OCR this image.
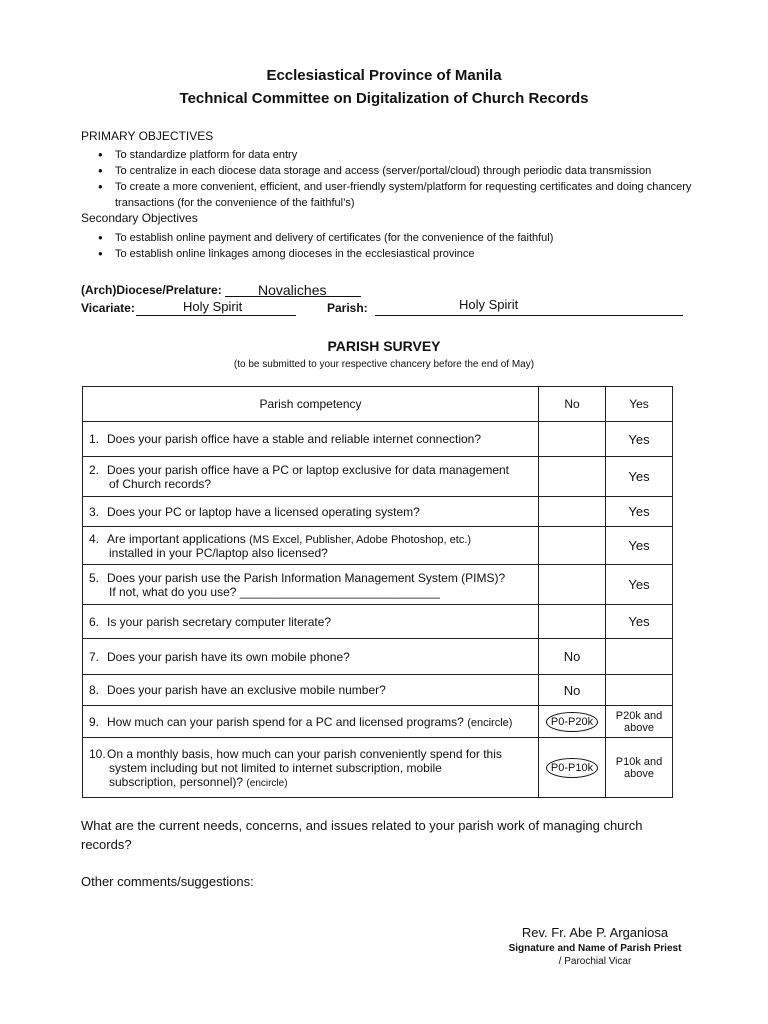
Ecclesiastical Province of Manila
Technical Committee on Digitalization of Church Records
PRIMARY OBJECTIVES
● To standardize platform for data entry
● To centralize in each diocese data storage and access (server/portal/cloud) through periodic data transmission
● To create a more convenient, efficient, and user-friendly system/platform for requesting certificates and doing chancery transactions (for the convenience of the faithful’s)
Secondary Objectives
● To establish online payment and delivery of certificates (for the convenience of the faithful)
● To establish online linkages among dioceses in the ecclesiastical province
(Arch)Diocese/Prelature:	Novaliches
Vicariate:	Holy Spirit	Parish:	Holy Spirit
PARISH SURVEY
(to be submitted to your respective chancery before the end of May)
Parish competency	No	Yes
1. Does your parish office have a stable and reliable internet connection?		Yes
2. Does your parish office have a PC or laptop exclusive for data management
of Church records?		Yes
3. Does your PC or laptop have a licensed operating system?		Yes
4. Are important applications (MS Excel, Publisher, Adobe Photoshop, etc.)
installed in your PC/laptop also licensed?		Yes
5. Does your parish use the Parish Information Management System (PIMS)?
If not, what do you use? ______________________________		Yes
6. Is your parish secretary computer literate?		Yes
7. Does your parish have its own mobile phone?	No	
8. Does your parish have an exclusive mobile number?	No	
9. How much can your parish spend for a PC and licensed programs? (encircle)	P0-P20k	P20k and above
10.On a monthly basis, how much can your parish conveniently spend for this
system including but not limited to internet subscription, mobile
subscription, personnel)? (encircle)	P0-P10k	P10k and above
What are the current needs, concerns, and issues related to your parish work of managing church records?
Other comments/suggestions:
Rev. Fr. Abe P. Arganiosa
Signature and Name of Parish Priest
/ Parochial Vicar
